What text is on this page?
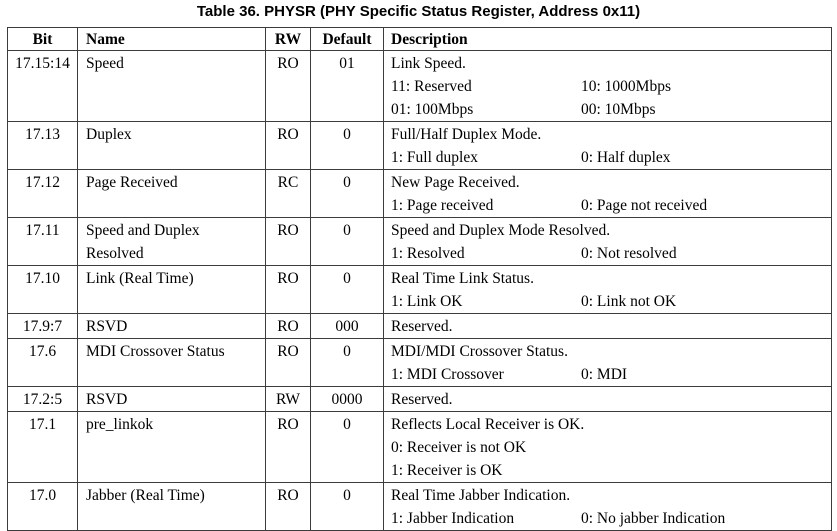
Table 36. PHYSR (PHY Specific Status Register, Address 0x11)
Bit	Name	RW	Default	Description
17.15:14	Speed	RO	01	Link Speed.
11: Reserved 10: 1000Mbps
01: 100Mbps 00: 10Mbps

17.13	Duplex	RO	0	Full/Half Duplex Mode.
1: Full duplex 0: Half duplex

17.12	Page Received	RC	0	New Page Received.
1: Page received 0: Page not received

17.11	Speed and Duplex Resolved	RO	0	Speed and Duplex Mode Resolved.
1: Resolved 0: Not resolved

17.10	Link (Real Time)	RO	0	Real Time Link Status.
1: Link OK 0: Link not OK

17.9:7	RSVD	RO	000	Reserved.

17.6	MDI Crossover Status	RO	0	MDI/MDI Crossover Status.
1: MDI Crossover 0: MDI

17.2:5	RSVD	RW	0000	Reserved.

17.1	pre_linkok	RO	0	Reflects Local Receiver is OK.
0: Receiver is not OK
1: Receiver is OK

17.0	Jabber (Real Time)	RO	0	Real Time Jabber Indication.
1: Jabber Indication 0: No jabber Indication
